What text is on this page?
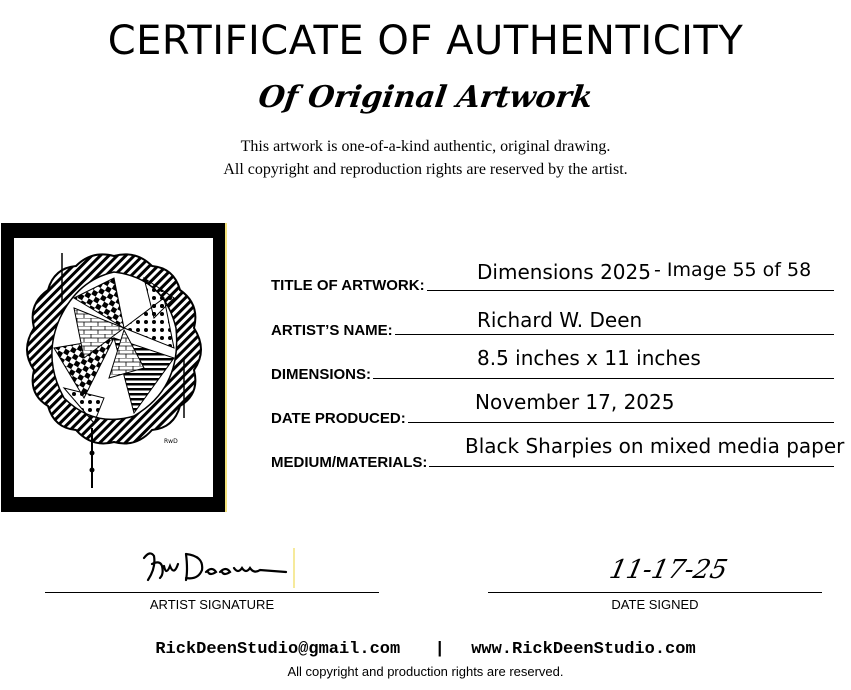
CERTIFICATE OF AUTHENTICITY
Of Original Artwork
This artwork is one-of-a-kind authentic, original drawing.
All copyright and reproduction rights are reserved by the artist.
RwD
TITLE OF ARTWORK:
Dimensions 2025 - Image 55 of 58
ARTIST’S NAME:	Richard W. Deen
DIMENSIONS:
8.5 inches x 11 inches
DATE PRODUCED:
November 17, 2025
MEDIUM/MATERIALS:
Black Sharpies on mixed media paper
ARTIST SIGNATURE
11-17-25
DATE SIGNED
RickDeenStudio@gmail.com | www.RickDeenStudio.com
All copyright and production rights are reserved.
